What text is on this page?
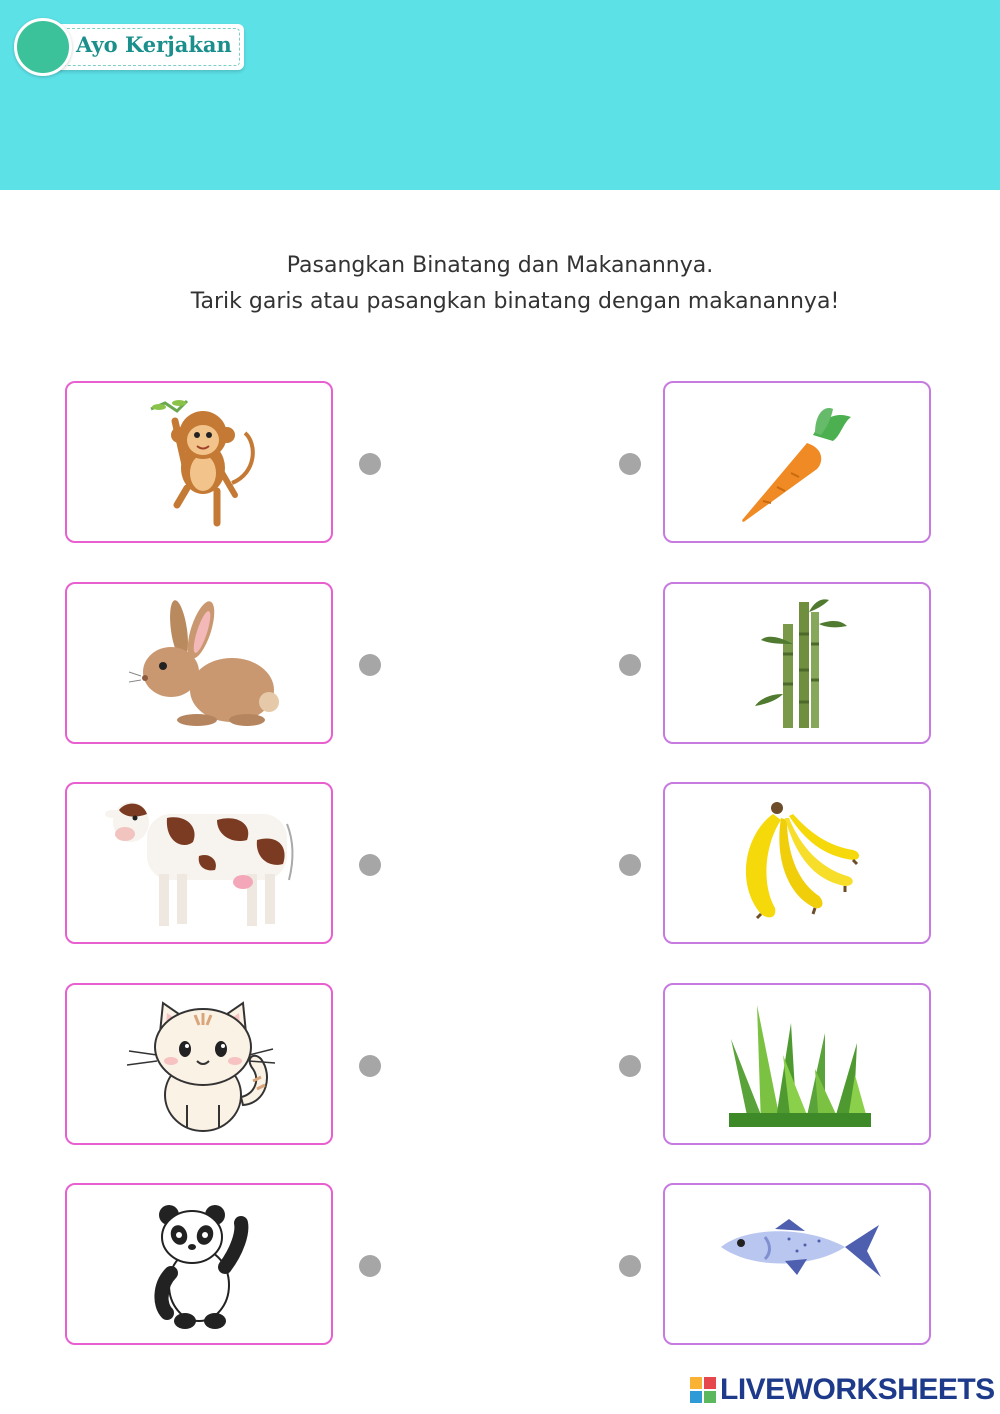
Ayo Kerjakan
Pasangkan Binatang dan Makanannya.
Tarik garis atau pasangkan binatang dengan makanannya!
LIVEWORKSHEETS
